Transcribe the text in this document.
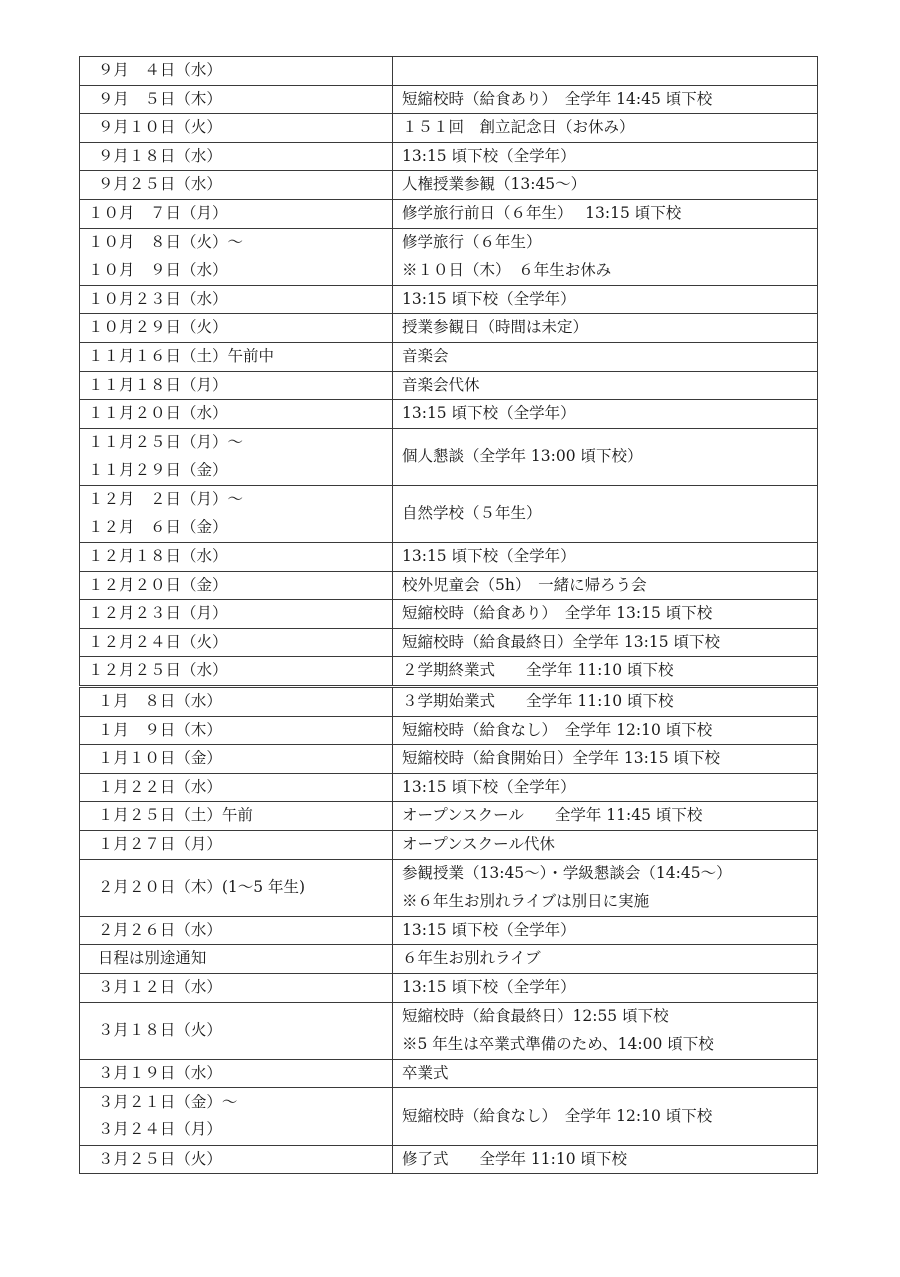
９月　４日（水）	

９月　５日（木）	短縮校時（給食あり）　全学年 14:45 頃下校

９月１０日（火）	１５１回　創立記念日（お休み）

９月１８日（水）	13:15 頃下校（全学年）

９月２５日（水）	人権授業参観（13:45～）

１０月　７日（月）	修学旅行前日（６年生）　 13:15 頃下校

１０月　８日（火）～
１０月　９日（水）	修学旅行（６年生）
※１０日（木）　６年生お休み

１０月２３日（水）	13:15 頃下校（全学年）

１０月２９日（火）	授業参観日（時間は未定）

１１月１６日（土）午前中	音楽会

１１月１８日（月）	音楽会代休

１１月２０日（水）	13:15 頃下校（全学年）

１１月２５日（月）～
１１月２９日（金）	個人懇談（全学年 13:00 頃下校）

１２月　２日（月）～
１２月　６日（金）	自然学校（５年生）

１２月１８日（水）	13:15 頃下校（全学年）

１２月２０日（金）	校外児童会（5h）　一緒に帰ろう会

１２月２３日（月）	短縮校時（給食あり）　全学年 13:15 頃下校

１２月２４日（火）	短縮校時（給食最終日）全学年 13:15 頃下校

１２月２５日（水）	２学期終業式　　全学年 11:10 頃下校

１月　８日（水）	３学期始業式　　全学年 11:10 頃下校

１月　９日（木）	短縮校時（給食なし）　全学年 12:10 頃下校

１月１０日（金）	短縮校時（給食開始日）全学年 13:15 頃下校

１月２２日（水）	13:15 頃下校（全学年）

１月２５日（土）午前	オープンスクール　　全学年 11:45 頃下校

１月２７日（月）	オープンスクール代休

２月２０日（木）(1～5 年生)	参観授業（13:45～）・学級懇談会（14:45～）
※６年生お別れライブは別日に実施

２月２６日（水）	13:15 頃下校（全学年）

日程は別途通知	６年生お別れライブ

３月１２日（水）	13:15 頃下校（全学年）

３月１８日（火）	短縮校時（給食最終日）12:55 頃下校
※5 年生は卒業式準備のため、14:00 頃下校

３月１９日（水）	卒業式

３月２１日（金）～
３月２４日（月）	短縮校時（給食なし）　全学年 12:10 頃下校

３月２５日（火）	修了式　　全学年 11:10 頃下校
